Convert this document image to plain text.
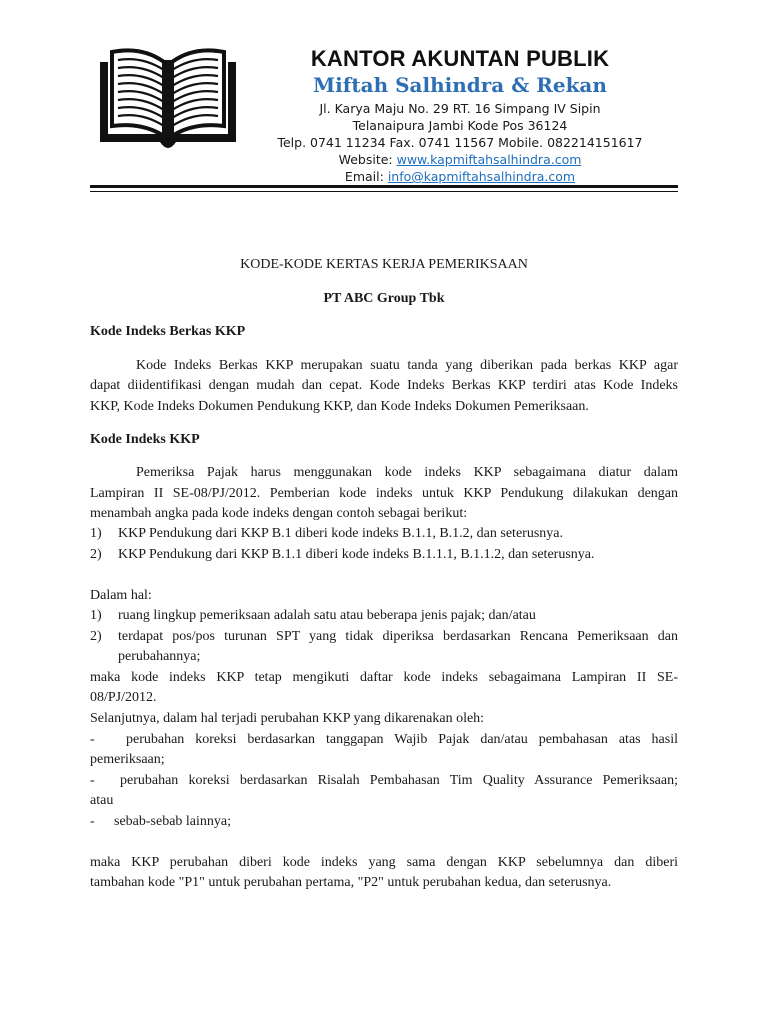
KANTOR AKUNTAN PUBLIK
Miftah Salhindra & Rekan
Jl. Karya Maju No. 29 RT. 16 Simpang IV Sipin
Telanaipura Jambi Kode Pos 36124
Telp. 0741 11234 Fax. 0741 11567 Mobile. 082214151617
Website: www.kapmiftahsalhindra.com
Email: info@kapmiftahsalhindra.com
KODE-KODE KERTAS KERJA PEMERIKSAAN
PT ABC Group Tbk
Kode Indeks Berkas KKP
Kode Indeks Berkas KKP merupakan suatu tanda yang diberikan pada berkas KKP agar
dapat diidentifikasi dengan mudah dan cepat. Kode Indeks Berkas KKP terdiri atas Kode Indeks
KKP, Kode Indeks Dokumen Pendukung KKP, dan Kode Indeks Dokumen Pemeriksaan.
Kode Indeks KKP
Pemeriksa Pajak harus menggunakan kode indeks KKP sebagaimana diatur dalam
Lampiran II SE-08/PJ/2012. Pemberian kode indeks untuk KKP Pendukung dilakukan dengan
menambah angka pada kode indeks dengan contoh sebagai berikut:
1) KKP Pendukung dari KKP B.1 diberi kode indeks B.1.1, B.1.2, dan seterusnya.
2) KKP Pendukung dari KKP B.1.1 diberi kode indeks B.1.1.1, B.1.1.2, dan seterusnya.
Dalam hal:
1) ruang lingkup pemeriksaan adalah satu atau beberapa jenis pajak; dan/atau
2) terdapat pos/pos turunan SPT yang tidak diperiksa berdasarkan Rencana Pemeriksaan dan
perubahannya;
maka kode indeks KKP tetap mengikuti daftar kode indeks sebagaimana Lampiran II SE-
08/PJ/2012.
Selanjutnya, dalam hal terjadi perubahan KKP yang dikarenakan oleh:
- perubahan koreksi berdasarkan tanggapan Wajib Pajak dan/atau pembahasan atas hasil
pemeriksaan;
- perubahan koreksi berdasarkan Risalah Pembahasan Tim Quality Assurance Pemeriksaan;
atau
- sebab-sebab lainnya;
maka KKP perubahan diberi kode indeks yang sama dengan KKP sebelumnya dan diberi
tambahan kode "P1" untuk perubahan pertama, "P2" untuk perubahan kedua, dan seterusnya.
